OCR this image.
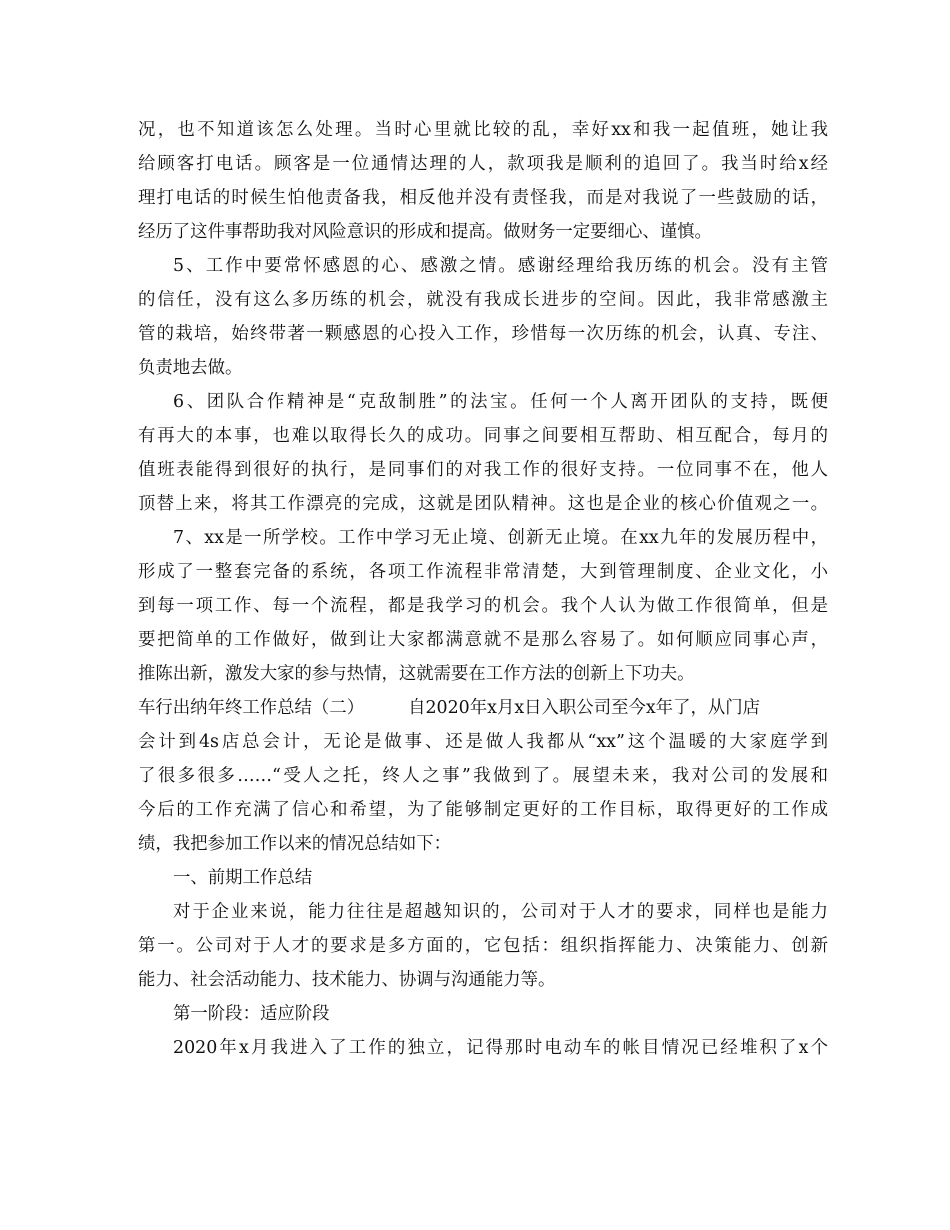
况，也不知道该怎么处理。当时心里就比较的乱，幸好xx和我一起值班，她让我
给顾客打电话。顾客是一位通情达理的人，款项我是顺利的追回了。我当时给x经
理打电话的时候生怕他责备我，相反他并没有责怪我，而是对我说了一些鼓励的话，
经历了这件事帮助我对风险意识的形成和提高。做财务一定要细心、谨慎。
5、工作中要常怀感恩的心、感激之情。感谢经理给我历练的机会。没有主管
的信任，没有这么多历练的机会，就没有我成长进步的空间。因此，我非常感激主
管的栽培，始终带著一颗感恩的心投入工作，珍惜每一次历练的机会，认真、专注、
负责地去做。
6、团队合作精神是“克敌制胜”的法宝。任何一个人离开团队的支持，既便
有再大的本事，也难以取得长久的成功。同事之间要相互帮助、相互配合，每月的
值班表能得到很好的执行，是同事们的对我工作的很好支持。一位同事不在，他人
顶替上来，将其工作漂亮的完成，这就是团队精神。这也是企业的核心价值观之一。
7、xx是一所学校。工作中学习无止境、创新无止境。在xx九年的发展历程中，
形成了一整套完备的系统，各项工作流程非常清楚，大到管理制度、企业文化，小
到每一项工作、每一个流程，都是我学习的机会。我个人认为做工作很简单，但是
要把简单的工作做好，做到让大家都满意就不是那么容易了。如何顺应同事心声，
推陈出新，激发大家的参与热情，这就需要在工作方法的创新上下功夫。
车行出纳年终工作总结（二）	自2020年x月x日入职公司至今x年了，从门店
会计到4s店总会计，无论是做事、还是做人我都从“xx”这个温暖的大家庭学到
了很多很多……“受人之托，终人之事”我做到了。展望未来，我对公司的发展和
今后的工作充满了信心和希望，为了能够制定更好的工作目标，取得更好的工作成
绩，我把参加工作以来的情况总结如下：
一、前期工作总结
对于企业来说，能力往往是超越知识的，公司对于人才的要求，同样也是能力
第一。公司对于人才的要求是多方面的，它包括：组织指挥能力、决策能力、创新
能力、社会活动能力、技术能力、协调与沟通能力等。
第一阶段：适应阶段
2020年x月我进入了工作的独立，记得那时电动车的帐目情况已经堆积了x个
